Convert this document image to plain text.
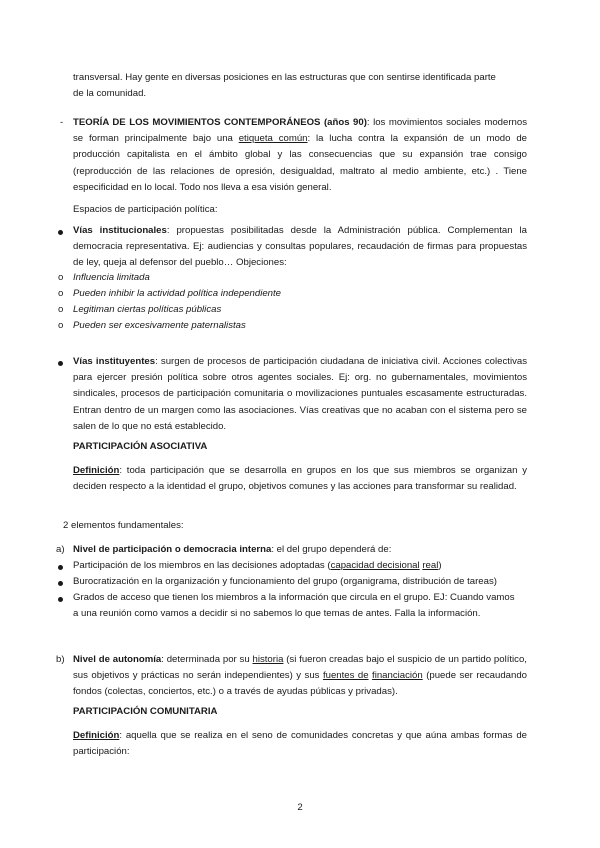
transversal. Hay gente en diversas posiciones en las estructuras que con sentirse identificada parte
de la comunidad.
- TEORÍA DE LOS MOVIMIENTOS CONTEMPORÁNEOS (años 90): los movimientos sociales modernos se forman principalmente bajo una etiqueta común: la lucha contra la expansión de un modo de producción capitalista en el ámbito global y las consecuencias que su expansión trae consigo (reproducción de las relaciones de opresión, desigualdad, maltrato al medio ambiente, etc.) . Tiene especificidad en lo local. Todo nos lleva a esa visión general.
Espacios de participación política:
Vías institucionales: propuestas posibilitadas desde la Administración pública. Complementan la democracia representativa. Ej: audiencias y consultas populares, recaudación de firmas para propuestas de ley, queja al defensor del pueblo… Objeciones:
o Influencia limitada
o Pueden inhibir la actividad política independiente
o Legitiman ciertas políticas públicas
o Pueden ser excesivamente paternalistas
Vías instituyentes: surgen de procesos de participación ciudadana de iniciativa civil. Acciones colectivas para ejercer presión política sobre otros agentes sociales. Ej: org. no gubernamentales, movimientos sindicales, procesos de participación comunitaria o movilizaciones puntuales escasamente estructuradas. Entran dentro de un margen como las asociaciones. Vías creativas que no acaban con el sistema pero se salen de lo que no está establecido.
PARTICIPACIÓN ASOCIATIVA
Definición: toda participación que se desarrolla en grupos en los que sus miembros se organizan y deciden respecto a la identidad el grupo, objetivos comunes y las acciones para transformar su realidad.
2 elementos fundamentales:
a) Nivel de participación o democracia interna: el del grupo dependerá de:
Participación de los miembros en las decisiones adoptadas (capacidad decisional real)
Burocratización en la organización y funcionamiento del grupo (organigrama, distribución de tareas)
Grados de acceso que tienen los miembros a la información que circula en el grupo. EJ: Cuando vamos a una reunión como vamos a decidir si no sabemos lo que temas de antes. Falla la información.
b) Nivel de autonomía: determinada por su historia (si fueron creadas bajo el suspicio de un partido político, sus objetivos y prácticas no serán independientes) y sus fuentes de financiación (puede ser recaudando fondos (colectas, conciertos, etc.) o a través de ayudas públicas y privadas).
PARTICIPACIÓN COMUNITARIA
Definición: aquella que se realiza en el seno de comunidades concretas y que aúna ambas formas de participación:
2
